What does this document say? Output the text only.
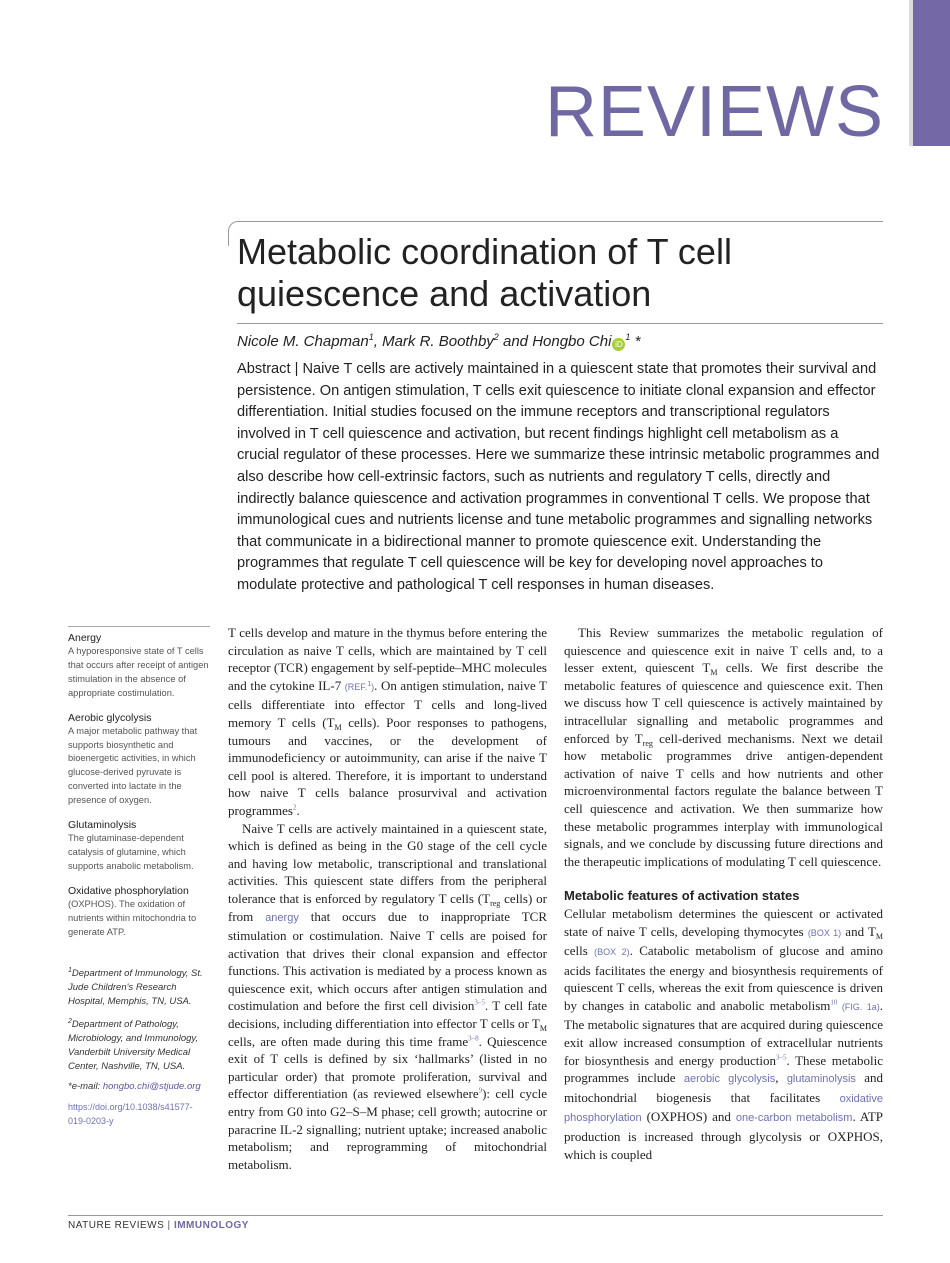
REVIEWS
Metabolic coordination of T cell
quiescence and activation
Nicole M. Chapman$^1$, Mark R. Boothby$^2$ and Hongbo Chi $iD^1$ *
Abstract | Naive T cells are actively maintained in a quiescent state that promotes their survival and persistence. On antigen stimulation, T cells exit quiescence to initiate clonal expansion and effector differentiation. Initial studies focused on the immune receptors and transcriptional regulators involved in T cell quiescence and activation, but recent findings highlight cell metabolism as a crucial regulator of these processes. Here we summarize these intrinsic metabolic programmes and also describe how cell-extrinsic factors, such as nutrients and regulatory T cells, directly and indirectly balance quiescence and activation programmes in conventional T cells. We propose that immunological cues and nutrients license and tune metabolic programmes and signalling networks that communicate in a bidirectional manner to promote quiescence exit. Understanding the programmes that regulate T cell quiescence will be key for developing novel approaches to modulate protective and pathological T cell responses in human diseases.
Anergy
A hyporesponsive state of T cells that occurs after receipt of antigen stimulation in the absence of appropriate costimulation.
Aerobic glycolysis
A major metabolic pathway that supports biosynthetic and bioenergetic activities, in which glucose-derived pyruvate is converted into lactate in the presence of oxygen.
Glutaminolysis
The glutaminase-dependent catalysis of glutamine, which supports anabolic metabolism.
Oxidative phosphorylation
(OXPHOS). The oxidation of nutrients within mitochondria to generate ATP.

$^1$Department of Immunology, St. Jude Children's Research Hospital, Memphis, TN, USA.

$^2$Department of Pathology, Microbiology, and Immunology, Vanderbilt University Medical Center, Nashville, TN, USA.

*e-mail: hongbo.chi@stjude.org

https://doi.org/10.1038/s41577-019-0203-y

T cells develop and mature in the thymus before entering the circulation as naive T cells, which are maintained by T cell receptor (TCR) engagement by self-peptide–MHC molecules and the cytokine IL-7 (REF.$^1$). On antigen stimulation, naive T cells differentiate into effector T cells and long-lived memory T cells ($T_M$ cells). Poor responses to pathogens, tumours and vaccines, or the development of immunodeficiency or autoimmunity, can arise if the naive T cell pool is altered. Therefore, it is important to understand how naive T cells balance prosurvival and activation programmes$^2$.

Naive T cells are actively maintained in a quiescent state, which is defined as being in the G0 stage of the cell cycle and having low metabolic, transcriptional and translational activities. This quiescent state differs from the peripheral tolerance that is enforced by regulatory T cells ($T_{reg}$ cells) or from anergy that occurs due to inappropriate TCR stimulation or costimulation. Naive T cells are poised for activation that drives their clonal expansion and effector functions. This activation is mediated by a process known as quiescence exit, which occurs after antigen stimulation and costimulation and before the first cell division$^{3-5}$. T cell fate decisions, including differentiation into effector T cells or $T_M$ cells, are often made during this time frame$^{3-8}$. Quiescence exit of T cells is defined by six ‘hallmarks’ (listed in no particular order) that promote proliferation, survival and effector differentiation (as reviewed elsewhere$^9$): cell cycle entry from G0 into G2–S–M phase; cell growth; autocrine or paracrine IL-2 signalling; nutrient uptake; increased anabolic metabolism; and reprogramming of mitochondrial metabolism.

This Review summarizes the metabolic regulation of quiescence and quiescence exit in naive T cells and, to a lesser extent, quiescent $T_M$ cells. We first describe the metabolic features of quiescence and quiescence exit. Then we discuss how T cell quiescence is actively maintained by intracellular signalling and metabolic programmes and enforced by $T_{reg}$ cell-derived mechanisms. Next we detail how metabolic programmes drive antigen-dependent activation of naive T cells and how nutrients and other microenvironmental factors regulate the balance between T cell quiescence and activation. We then summarize how these metabolic programmes interplay with immunological signals, and we conclude by discussing future directions and the therapeutic implications of modulating T cell quiescence.

Metabolic features of activation states

Cellular metabolism determines the quiescent or activated state of naive T cells, developing thymocytes (BOX 1) and $T_M$ cells (BOX 2). Catabolic metabolism of glucose and amino acids facilitates the energy and biosynthesis requirements of quiescent T cells, whereas the exit from quiescence is driven by changes in catabolic and anabolic metabolism$^{10}$ (FIG. 1a). The metabolic signatures that are acquired during quiescence exit allow increased consumption of extracellular nutrients for biosynthesis and energy production$^{3-5}$. These metabolic programmes include aerobic glycolysis, glutaminolysis and mitochondrial biogenesis that facilitates oxidative phosphorylation (OXPHOS) and one-carbon metabolism. ATP production is increased through glycolysis or OXPHOS, which is coupled

NATURE REVIEWS | IMMUNOLOGY
